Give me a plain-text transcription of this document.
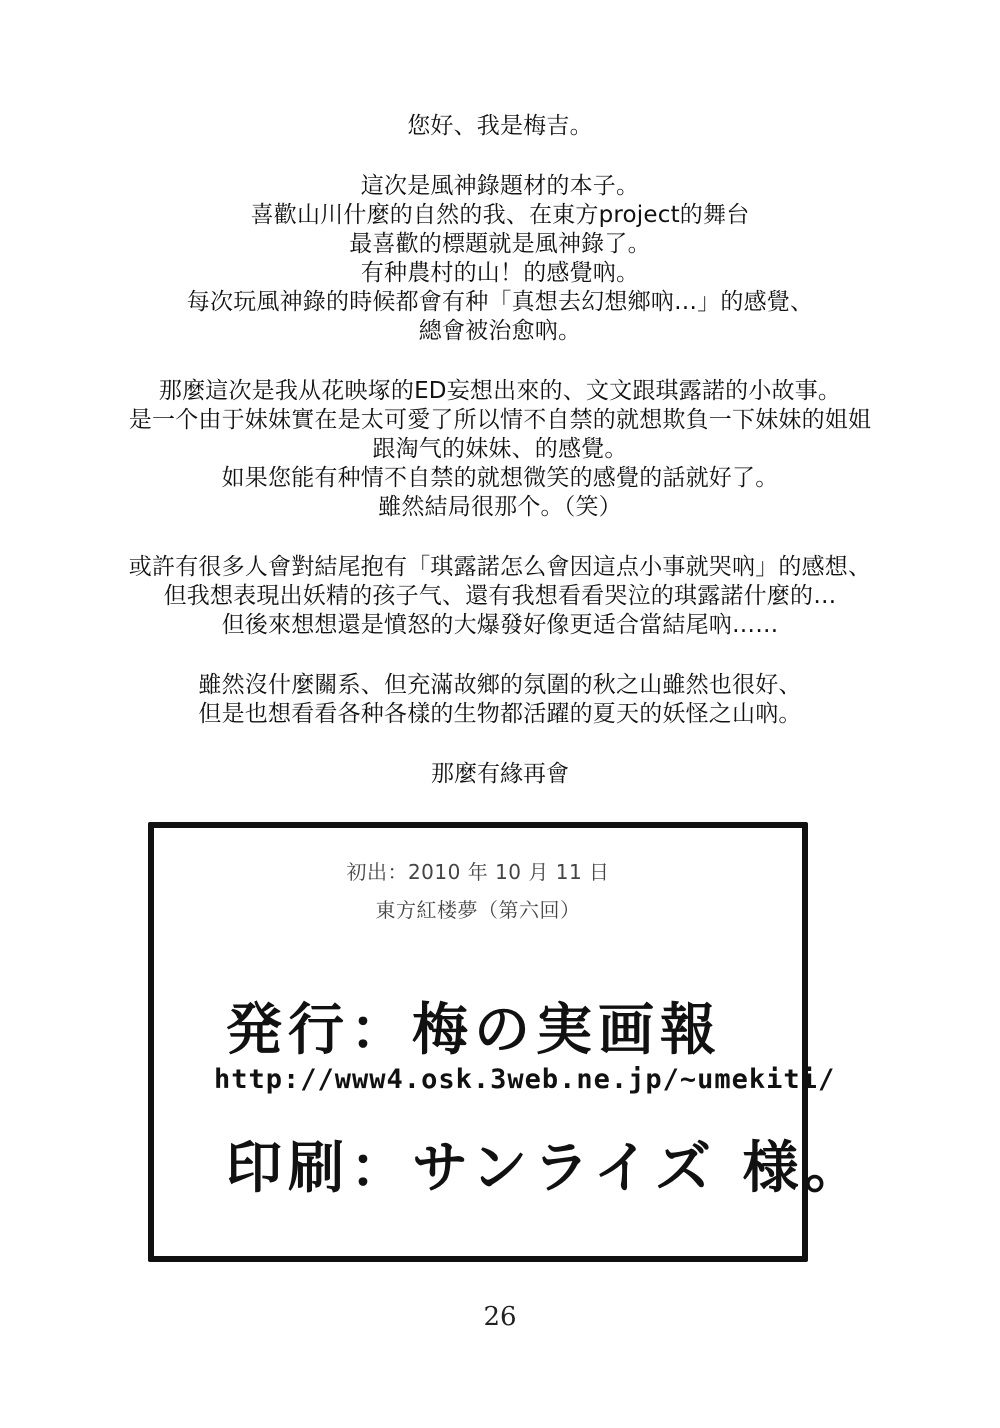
您好、我是梅吉。
這次是風神錄題材的本子。
喜歡山川什麼的自然的我、在東方project的舞台
最喜歡的標題就是風神錄了。
有种農村的山！的感覺吶。
每次玩風神錄的時候都會有种「真想去幻想鄉吶…」的感覺、
總會被治愈吶。
那麼這次是我从花映塚的ED妄想出來的、文文跟琪露諾的小故事。
是一个由于妹妹實在是太可愛了所以情不自禁的就想欺負一下妹妹的姐姐
跟淘气的妹妹、的感覺。
如果您能有种情不自禁的就想微笑的感覺的話就好了。
雖然結局很那个。（笑）
或許有很多人會對結尾抱有「琪露諾怎么會因這点小事就哭吶」的感想、
但我想表現出妖精的孩子气、還有我想看看哭泣的琪露諾什麼的…
但後來想想還是憤怒的大爆發好像更适合當結尾吶……
雖然沒什麼關系、但充滿故鄉的氛圍的秋之山雖然也很好、
但是也想看看各种各樣的生物都活躍的夏天的妖怪之山吶。
那麼有緣再會
初出：2010 年 10 月 11 日
東方紅楼夢（第六回）
発行：梅の実画報
http://www4.osk.3web.ne.jp/~umekiti/
印刷：サンライズ 様。
26
